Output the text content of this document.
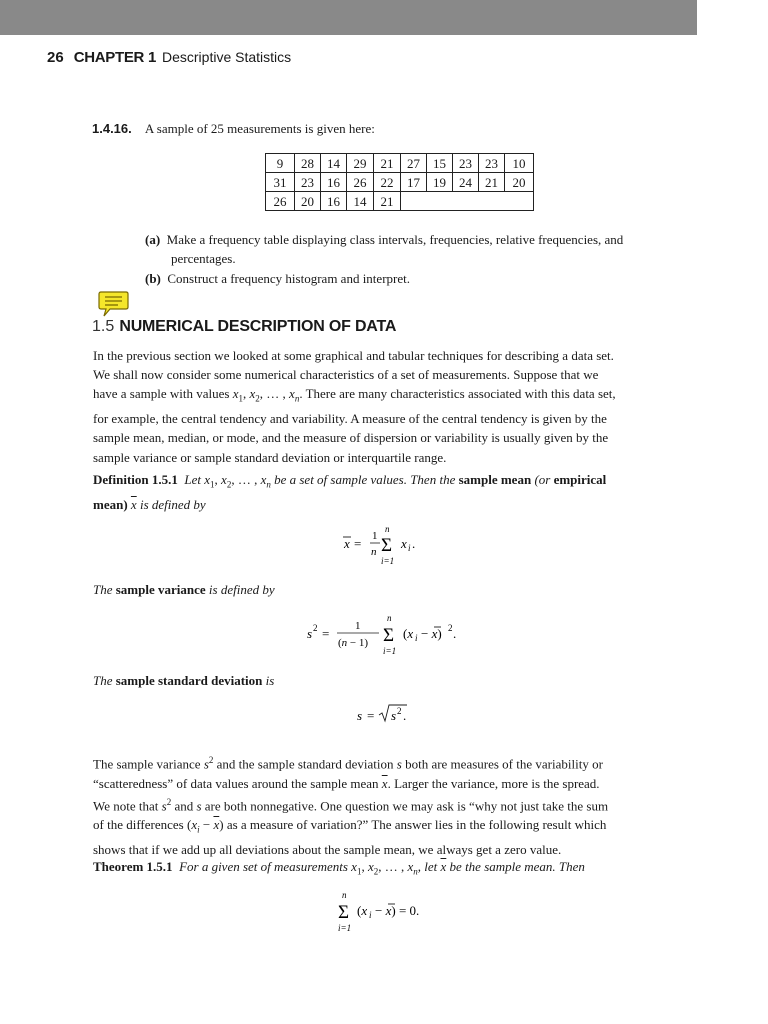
26 CHAPTER 1 Descriptive Statistics
1.4.16. A sample of 25 measurements is given here:
9	28	14	29	21	27	15	23	23	10
31	23	16	26	22	17	19	24	21	20
26	20	16	14	21					
(a) Make a frequency table displaying class intervals, frequencies, relative frequencies, and
percentages.
(b) Construct a frequency histogram and interpret.
1.5 NUMERICAL DESCRIPTION OF DATA
In the previous section we looked at some graphical and tabular techniques for describing a data set.
We shall now consider some numerical characteristics of a set of measurements. Suppose that we
have a sample with values $x_1$, $x_2$, … , $x_n$. There are many characteristics associated with this data set,
for example, the central tendency and variability. A measure of the central tendency is given by the
sample mean, median, or mode, and the measure of dispersion or variability is usually given by the
sample variance or sample standard deviation or interquartile range.
Definition 1.5.1 Let $x_1$, $x_2$, … , $x_n$ be a set of sample values. Then the sample mean (or empirical
mean) $\overline{x}$ is defined by
x = 1
n
n
Σ
i=1
x i .
The sample variance is defined by
s 2 = 1
(n − 1)
n
Σ
i=1
(x i − x) 2 .
The sample standard deviation is
s = s 2 .
The sample variance $s^2$ and the sample standard deviation s both are measures of the variability or
“scatteredness” of data values around the sample mean $\overline{x}$. Larger the variance, more is the spread.
We note that $s^2$ and s are both nonnegative. One question we may ask is “why not just take the sum
of the differences $(x_i - \overline{x})$ as a measure of variation?” The answer lies in the following result which
shows that if we add up all deviations about the sample mean, we always get a zero value.
Theorem 1.5.1 For a given set of measurements $x_1$, $x_2$, … , $x_n$, let $\overline{x}$ be the sample mean. Then
n
Σ
i=1
(x i − x) = 0.
